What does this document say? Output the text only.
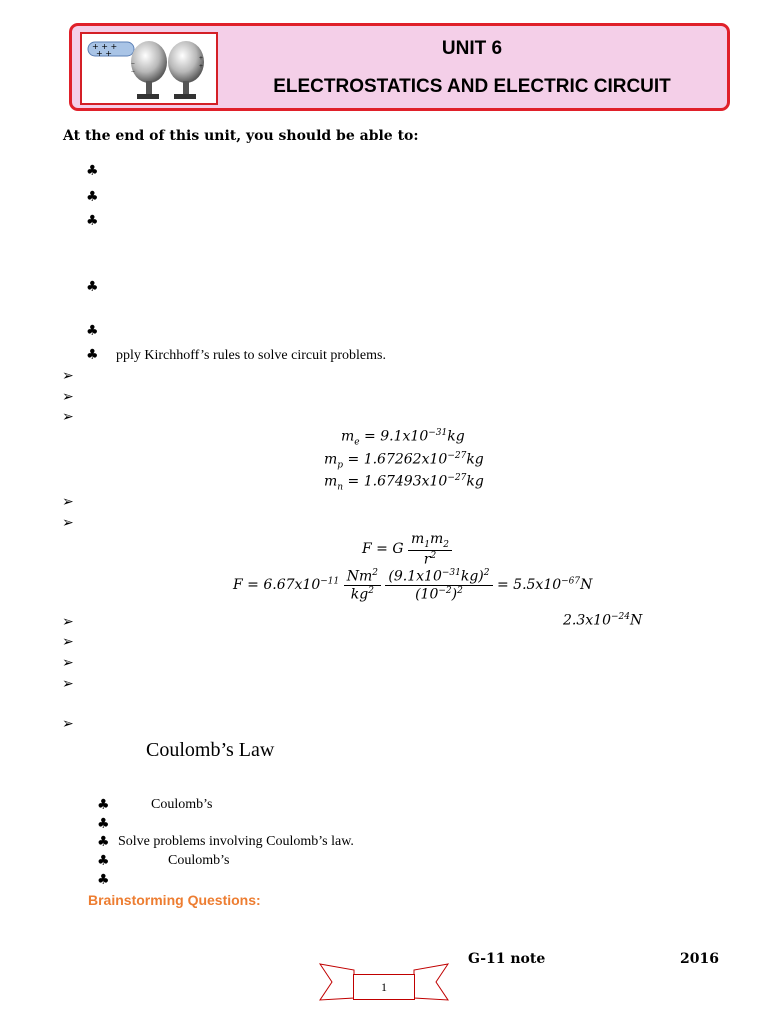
+ + +
+ +
−
−
+
+
UNIT 6
ELECTROSTATICS AND ELECTRIC CIRCUIT
At the end of this unit, you should be able to:
♣
♣
♣
♣
♣
♣ pply Kirchhoff’s rules to solve circuit problems.
➢
➢
➢
$m_e = 9.1x10^{-31}kg$
$m_p = 1.67262x10^{-27}kg$
$m_n = 1.67493x10^{-27}kg$
➢
➢
F = G $\frac{m_1m_2}{r^2}$
$F = 6.67x10^{-11} \frac{Nm^2}{kg^2}$
$\frac{(9.1x10^{-31}kg)^2}{(10^{-2})^2} = 5.5x10^{-67}N$
➢	$2.3x10^{-24}N$
➢
➢
➢
➢
Coulomb’s Law
♣	Coulomb’s
♣
♣ Solve problems involving Coulomb’s law.
♣	Coulomb’s
♣
Brainstorming Questions:
G-11 note	2016
1
